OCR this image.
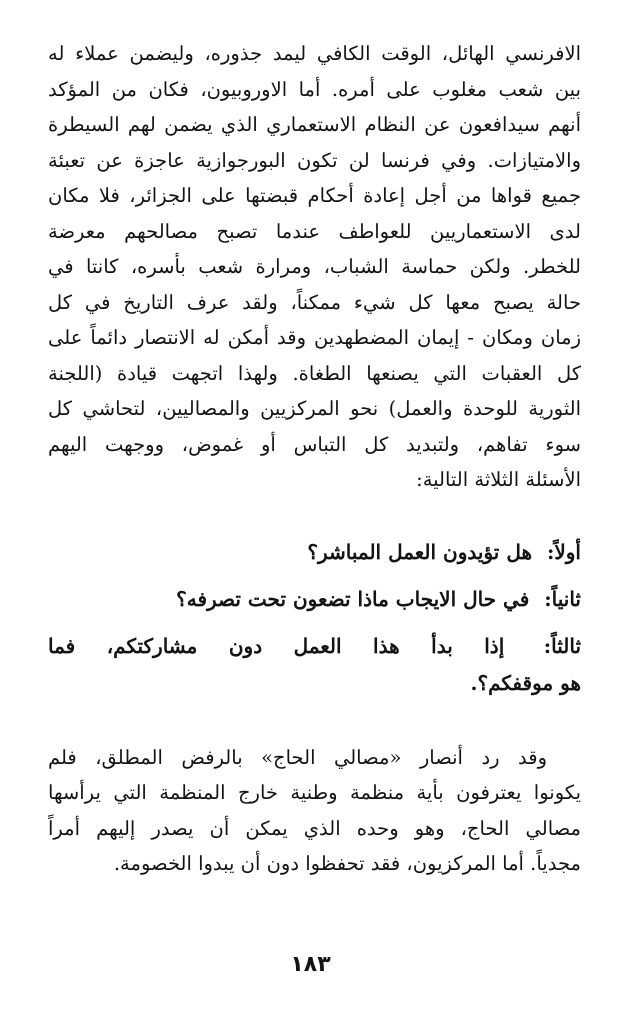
الافرنسي الهائل، الوقت الكافي ليمد جذوره، وليضمن عملاء له
بين شعب مغلوب على أمره. أما الاوروبيون، فكان من المؤكد
أنهم سيدافعون عن النظام الاستعماري الذي يضمن لهم السيطرة
والامتيازات. وفي فرنسا لن تكون البورجوازية عاجزة عن تعبئة
جميع قواها من أجل إعادة أحكام قبضتها على الجزائر، فلا مكان
لدى الاستعماريين للعواطف عندما تصبح مصالحهم معرضة
للخطر. ولكن حماسة الشباب، ومرارة شعب بأسره، كانتا في
حالة يصبح معها كل شيء ممكناً، ولقد عرف التاريخ في كل
زمان ومكان - إيمان المضطهدين وقد أمكن له الانتصار دائماً على
كل العقبات التي يصنعها الطغاة. ولهذا اتجهت قيادة (اللجنة
الثورية للوحدة والعمل) نحو المركزيين والمصاليين، لتحاشي كل
سوء تفاهم، ولتبديد كل التباس أو غموض، ووجهت اليهم
الأسئلة الثلاثة التالية:

أولاً: هل تؤيدون العمل المباشر؟

ثانياً: في حال الايجاب ماذا تضعون تحت تصرفه؟

ثالثاً: إذا بدأ هذا العمل دون مشاركتكم، فما
هو موقفكم؟.

وقد رد أنصار «مصالي الحاج» بالرفض المطلق، فلم
يكونوا يعترفون بأية منظمة وطنية خارج المنظمة التي يرأسها
مصالي الحاج، وهو وحده الذي يمكن أن يصدر إليهم أمراً
مجدياً. أما المركزيون، فقد تحفظوا دون أن يبدوا الخصومة.

١٨٣
